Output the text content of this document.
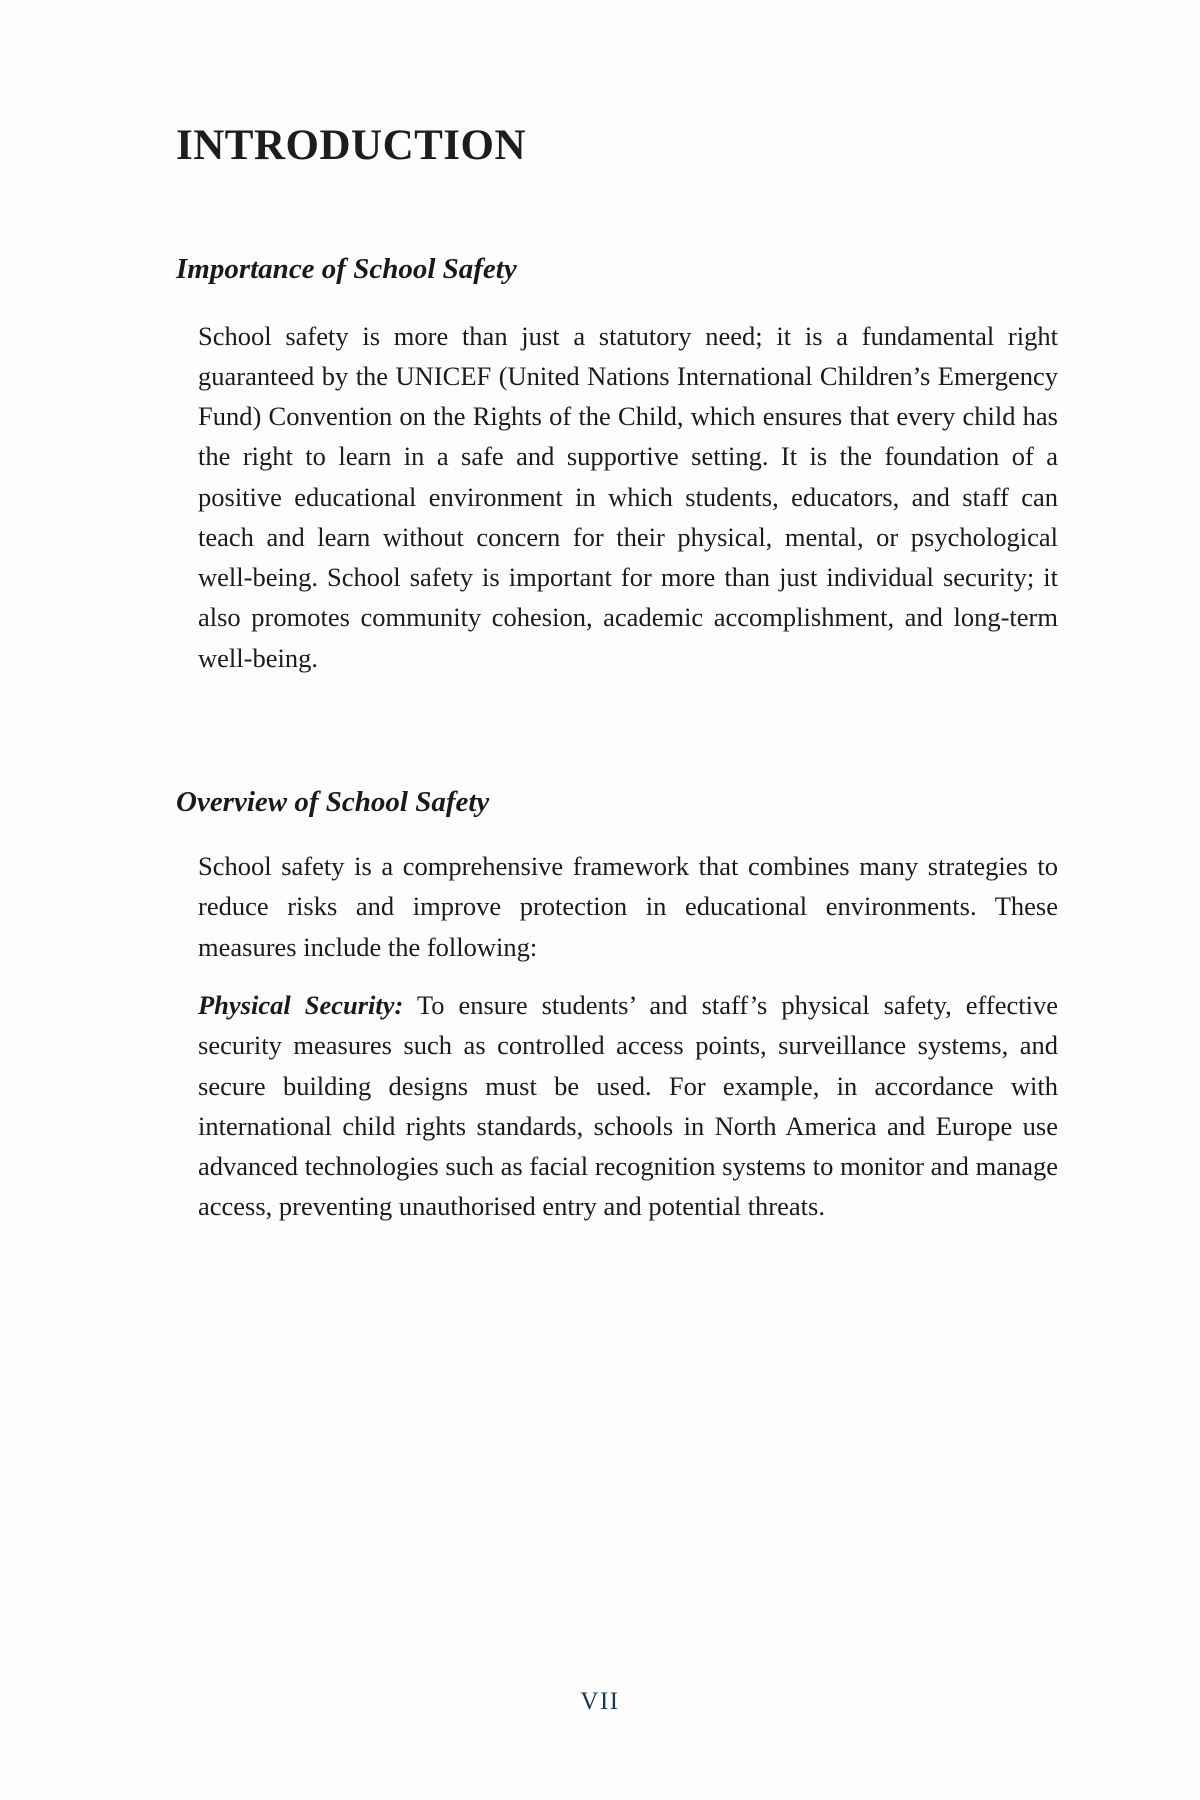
INTRODUCTION
Importance of School Safety

School safety is more than just a statutory need; it is a fundamental right guaranteed by the UNICEF (United Nations International Children’s Emergency Fund) Convention on the Rights of the Child, which ensures that every child has the right to learn in a safe and supportive setting. It is the foundation of a positive educational environment in which students, educators, and staff can teach and learn without concern for their physical, mental, or psychological well-being. School safety is important for more than just individual security; it also promotes community cohesion, academic accomplishment, and long-term well-being.

Overview of School Safety

School safety is a comprehensive framework that combines many strategies to reduce risks and improve protection in educational environments. These measures include the following:

Physical Security: To ensure students’ and staff’s physical safety, effective security measures such as controlled access points, surveillance systems, and secure building designs must be used. For example, in accordance with international child rights standards, schools in North America and Europe use advanced technologies such as facial recognition systems to monitor and manage access, preventing unauthorised entry and potential threats.

VII
